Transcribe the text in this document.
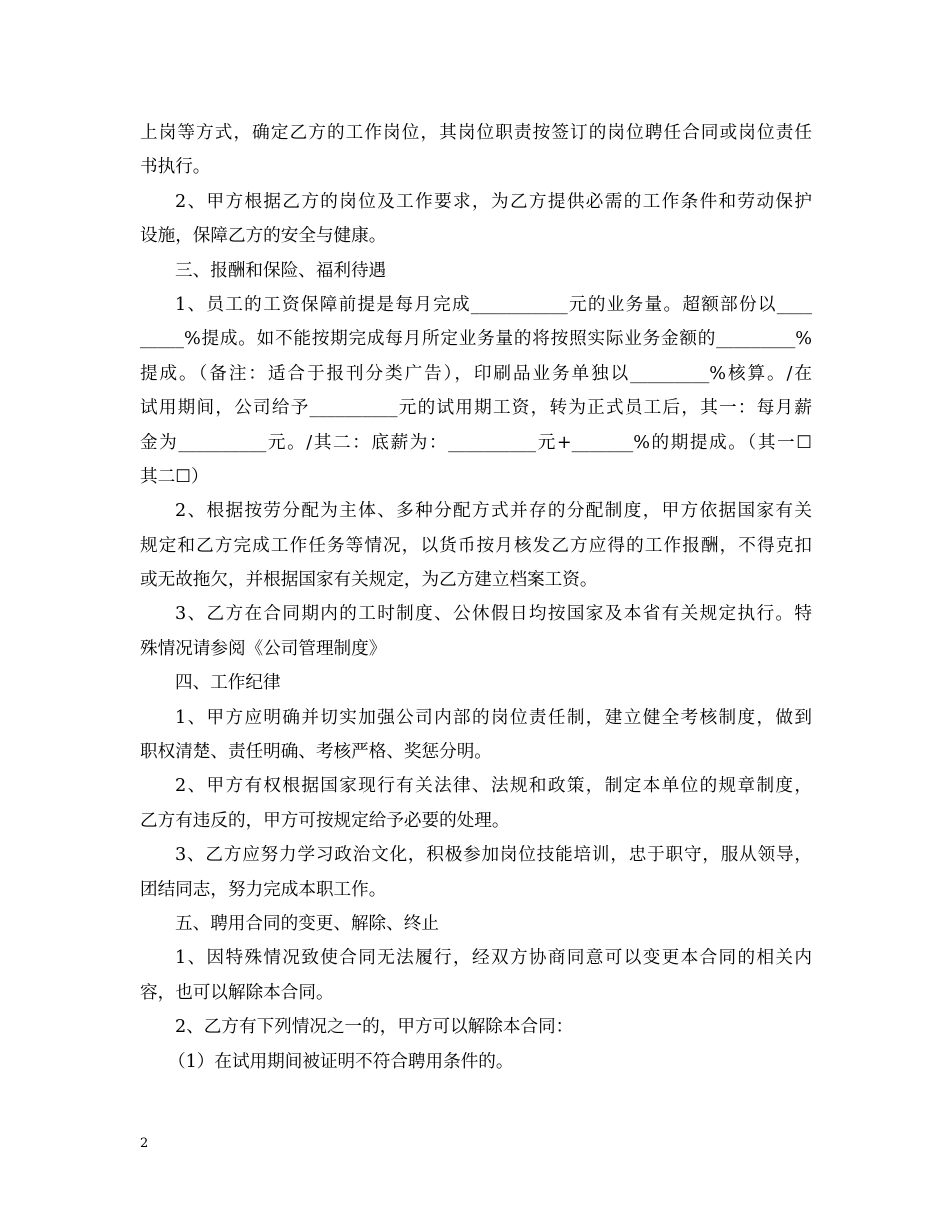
上岗等方式，确定乙方的工作岗位，其岗位职责按签订的岗位聘任合同或岗位责任
书执行。
2、甲方根据乙方的岗位及工作要求，为乙方提供必需的工作条件和劳动保护
设施，保障乙方的安全与健康。
三、报酬和保险、福利待遇
1、员工的工资保障前提是每月完成___________元的业务量。超额部份以____
_____%提成。如不能按期完成每月所定业务量的将按照实际业务金额的_________%
提成。（备注：适合于报刊分类广告），印刷品业务单独以_________%核算。/在
试用期间，公司给予__________元的试用期工资，转为正式员工后，其一：每月薪
金为__________元。/其二：底薪为：__________元+_______%的期提成。（其一☐
其二☐）
2、根据按劳分配为主体、多种分配方式并存的分配制度，甲方依据国家有关
规定和乙方完成工作任务等情况，以货币按月核发乙方应得的工作报酬，不得克扣
或无故拖欠，并根据国家有关规定，为乙方建立档案工资。
3、乙方在合同期内的工时制度、公休假日均按国家及本省有关规定执行。特
殊情况请参阅《公司管理制度》
四、工作纪律
1、甲方应明确并切实加强公司内部的岗位责任制，建立健全考核制度，做到
职权清楚、责任明确、考核严格、奖惩分明。
2、甲方有权根据国家现行有关法律、法规和政策，制定本单位的规章制度，
乙方有违反的，甲方可按规定给予必要的处理。
3、乙方应努力学习政治文化，积极参加岗位技能培训，忠于职守，服从领导，
团结同志，努力完成本职工作。
五、聘用合同的变更、解除、终止
1、因特殊情况致使合同无法履行，经双方协商同意可以变更本合同的相关内
容，也可以解除本合同。
2、乙方有下列情况之一的，甲方可以解除本合同：
（1）在试用期间被证明不符合聘用条件的。
2
